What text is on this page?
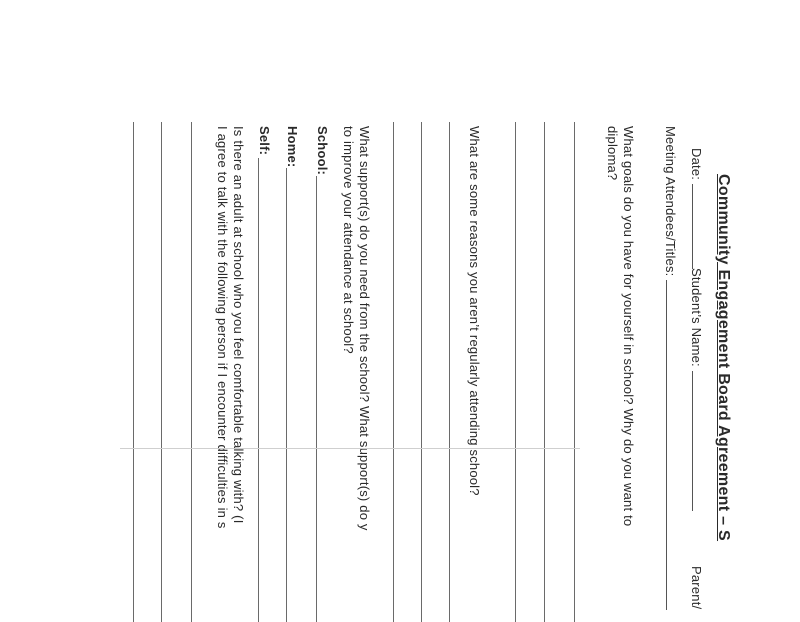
Community Engagement Board Agreement – S
Date:
Student’s Name:
Parent/
Meeting Attendees/Titles:
What goals do you have for yourself in school? Why do you want to
diploma?
What are some reasons you aren’t regularly attending school?
What support(s) do you need from the school? What support(s) do y
to improve your attendance at school?
School:
Home:
Self:
Is there an adult at school who you feel comfortable talking with? (I
I agree to talk with the following person if I encounter difficulties in s
